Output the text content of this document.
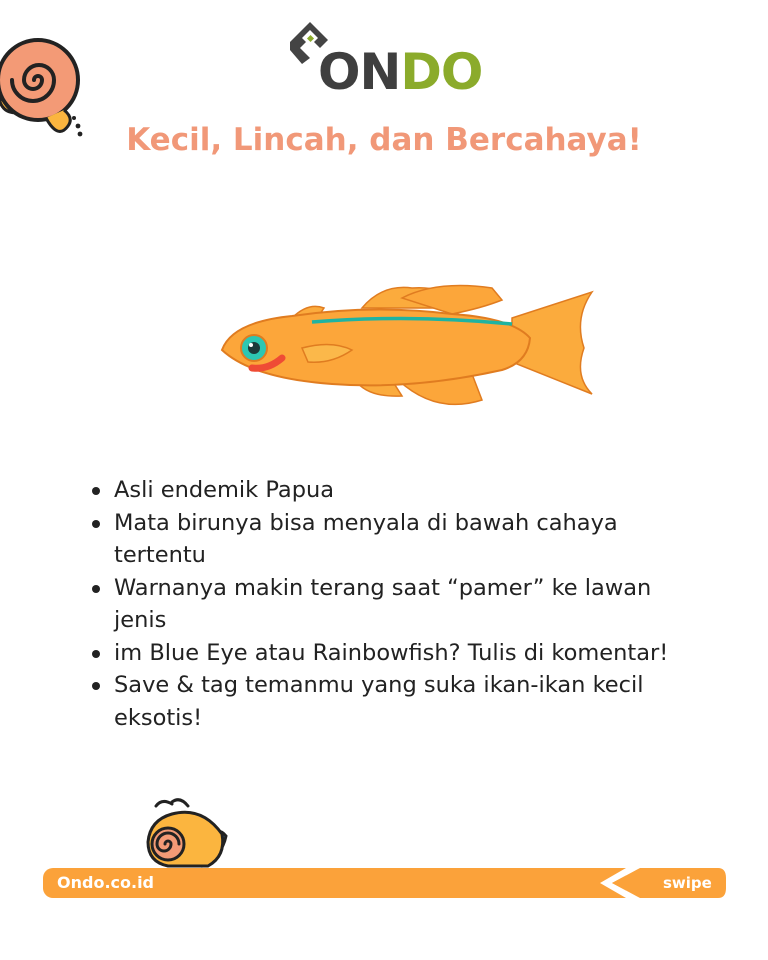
ONDO
Kecil, Lincah, dan Bercahaya!
Asli endemik Papua
Mata birunya bisa menyala di bawah cahaya tertentu
Warnanya makin terang saat “pamer” ke lawan jenis
im Blue Eye atau Rainbowfish? Tulis di komentar!
Save & tag temanmu yang suka ikan-ikan kecil eksotis!
Ondo.co.id	swipe
